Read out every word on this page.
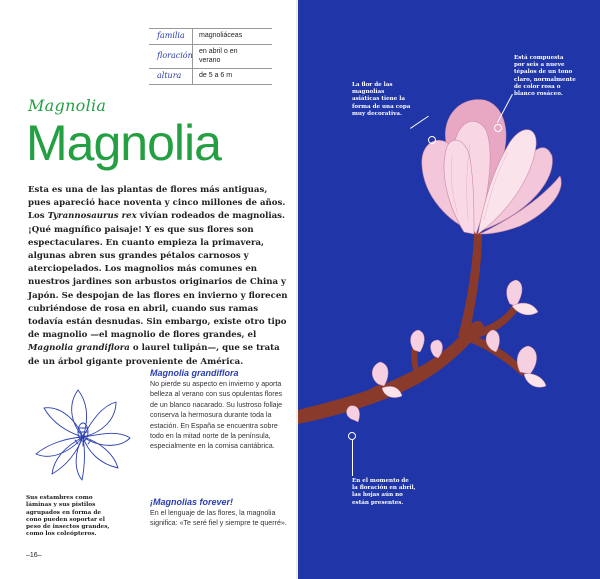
familia	magnoliáceas
floración en abril o en verano
altura	de 5 a 6 m
Magnolia
Magnolia
Esta es una de las plantas de flores más antiguas, pues apareció hace noventa y cinco millones de años. Los Tyrannosaurus rex vivían rodeados de magnolias. ¡Qué magnífico paisaje! Y es que sus flores son espectaculares. En cuanto empieza la primavera, algunas abren sus grandes pétalos carnosos y aterciopelados. Los magnolios más comunes en nuestros jardines son arbustos originarios de China y Japón. Se despojan de las flores en invierno y florecen cubriéndose de rosa en abril, cuando sus ramas todavía están desnudas. Sin embargo, existe otro tipo de magnolio —el magnolio de flores grandes, el Magnolia grandiflora o laurel tulipán—, que se trata de un árbol gigante proveniente de América.
Sus estambres como láminas y sus pistilos agrupados en forma de cono pueden soportar el peso de insectos grandes, como los coleópteros.
Magnolia grandiflora

No pierde su aspecto en invierno y aporta belleza al verano con sus opulentas flores de un blanco nacarado. Su lustroso follaje conserva la hermosura durante toda la estación. En España se encuentra sobre todo en la mitad norte de la península, especialmente en la cornisa cantábrica.

¡Magnolias forever!

En el lenguaje de las flores, la magnolia significa: «Te seré fiel y siempre te querré».

–16–
La flor de las magnolias asiáticas tiene la forma de una copa muy decorativa.
Está compuesta por seis a nueve tépalos de un tono claro, normalmente de color rosa o blanco rosáceo.
En el momento de la floración en abril, las hojas aún no están presentes.
